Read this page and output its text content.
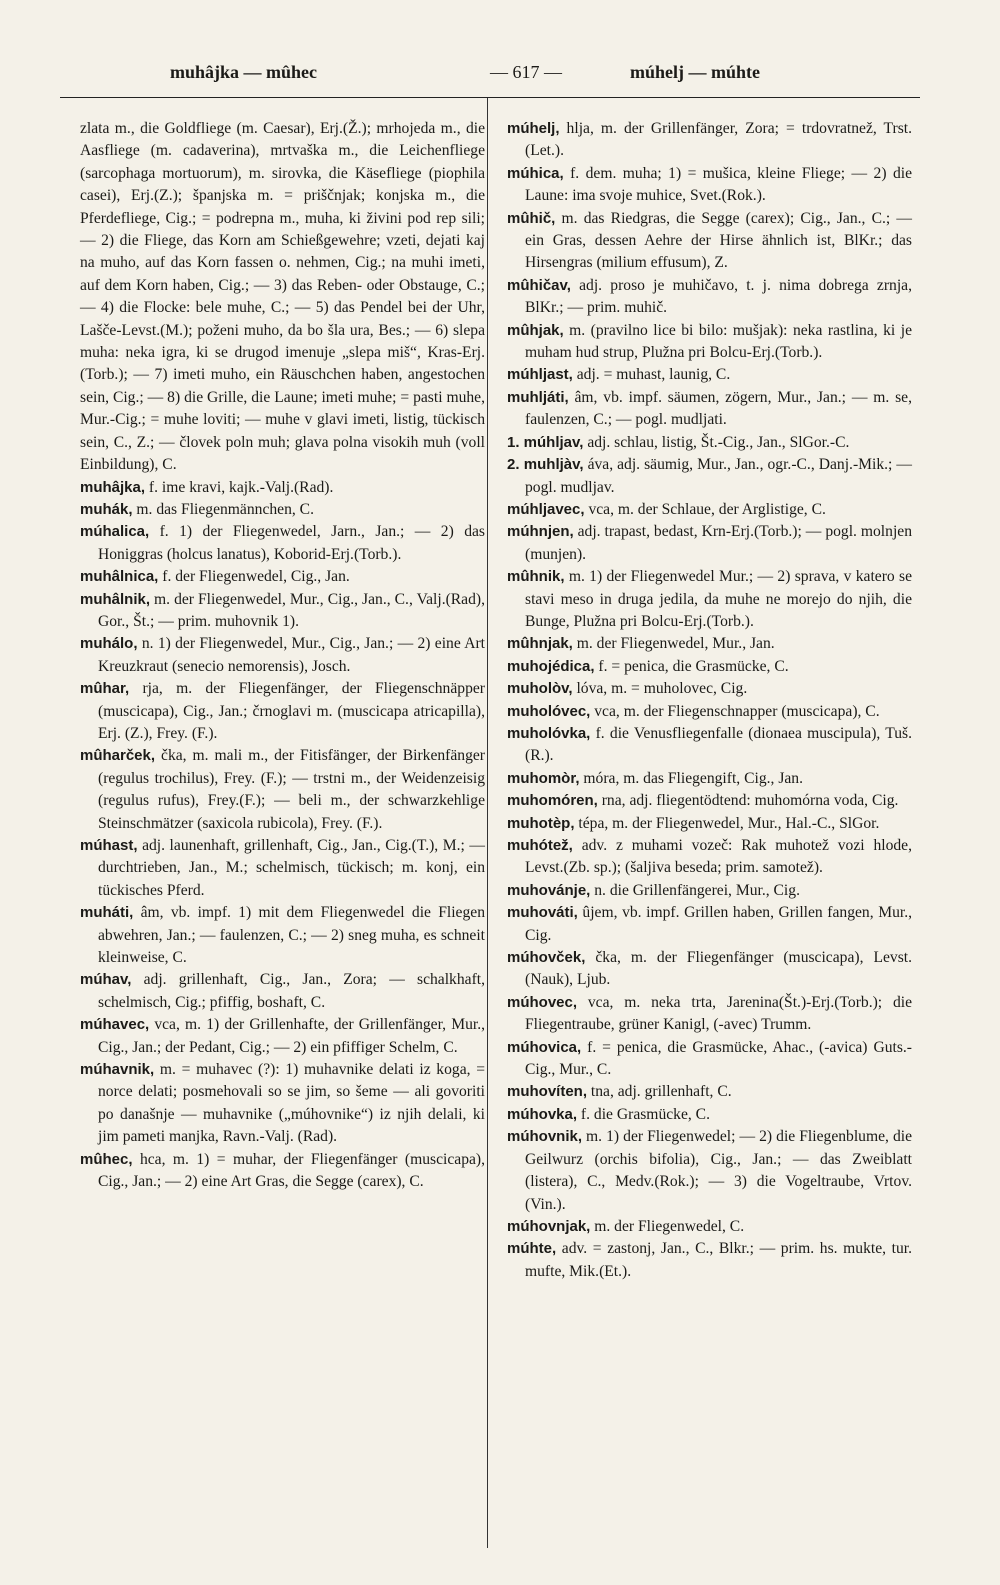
muhâjka — mûhec	— 617 —	múhelj — múhte

zlata m., die Goldfliege (m. Caesar), Erj.(Ž.); mrhojeda m., die Aasfliege (m. cadaverina), mrtvaška m., die Leichenfliege (sarcophaga mortuorum), m. sirovka, die Käsefliege (piophila casei), Erj.(Z.); španjska m. = priščnjak; konjska m., die Pferdefliege, Cig.; = podrepna m., muha, ki živini pod rep sili; — 2) die Fliege, das Korn am Schießgewehre; vzeti, dejati kaj na muho, auf das Korn fassen o. nehmen, Cig.; na muhi imeti, auf dem Korn haben, Cig.; — 3) das Reben- oder Obstauge, C.; — 4) die Flocke: bele muhe, C.; — 5) das Pendel bei der Uhr, Lašče-Levst.(M.); poženi muho, da bo šla ura, Bes.; — 6) slepa muha: neka igra, ki se drugod imenuje „slepa miš“, Kras-Erj.(Torb.); — 7) imeti muho, ein Räuschchen haben, angestochen sein, Cig.; — 8) die Grille, die Laune; imeti muhe; = pasti muhe, Mur.-Cig.; = muhe loviti; — muhe v glavi imeti, listig, tückisch sein, C., Z.; — človek poln muh; glava polna visokih muh (voll Einbildung), C.

muhâjka, f. ime kravi, kajk.-Valj.(Rad).

muhák, m. das Fliegenmännchen, C.

múhalica, f. 1) der Fliegenwedel, Jarn., Jan.; — 2) das Honiggras (holcus lanatus), Koborid-Erj.(Torb.).

muhâlnica, f. der Fliegenwedel, Cig., Jan.

muhâlnik, m. der Fliegenwedel, Mur., Cig., Jan., C., Valj.(Rad), Gor., Št.; — prim. muhovnik 1).

muhálo, n. 1) der Fliegenwedel, Mur., Cig., Jan.; — 2) eine Art Kreuzkraut (senecio nemorensis), Josch.

mûhar, rja, m. der Fliegenfänger, der Fliegenschnäpper (muscicapa), Cig., Jan.; črnoglavi m. (muscicapa atricapilla), Erj. (Z.), Frey. (F.).

mûharček, čka, m. mali m., der Fitisfänger, der Birkenfänger (regulus trochilus), Frey. (F.); — trstni m., der Weidenzeisig (regulus rufus), Frey.(F.); — beli m., der schwarzkehlige Steinschmätzer (saxicola rubicola), Frey. (F.).

múhast, adj. launenhaft, grillenhaft, Cig., Jan., Cig.(T.), M.; — durchtrieben, Jan., M.; schelmisch, tückisch; m. konj, ein tückisches Pferd.

muháti, âm, vb. impf. 1) mit dem Fliegenwedel die Fliegen abwehren, Jan.; — faulenzen, C.; — 2) sneg muha, es schneit kleinweise, C.

múhav, adj. grillenhaft, Cig., Jan., Zora; — schalkhaft, schelmisch, Cig.; pfiffig, boshaft, C.

múhavec, vca, m. 1) der Grillenhafte, der Grillenfänger, Mur., Cig., Jan.; der Pedant, Cig.; — 2) ein pfiffiger Schelm, C.

múhavnik, m. = muhavec (?): 1) muhavnike delati iz koga, = norce delati; posmehovali so se jim, so šeme — ali govoriti po današnje — muhavnike („múhovnike“) iz njih delali, ki jim pameti manjka, Ravn.-Valj. (Rad).

mûhec, hca, m. 1) = muhar, der Fliegenfänger (muscicapa), Cig., Jan.; — 2) eine Art Gras, die Segge (carex), C.

múhelj, hlja, m. der Grillenfänger, Zora; = trdovratnež, Trst.(Let.).

múhica, f. dem. muha; 1) = mušica, kleine Fliege; — 2) die Laune: ima svoje muhice, Svet.(Rok.).

mûhič, m. das Riedgras, die Segge (carex); Cig., Jan., C.; — ein Gras, dessen Aehre der Hirse ähnlich ist, BlKr.; das Hirsengras (milium effusum), Z.

mûhičav, adj. proso je muhičavo, t. j. nima dobrega zrnja, BlKr.; — prim. muhič.

mûhjak, m. (pravilno lice bi bilo: mušjak): neka rastlina, ki je muham hud strup, Plužna pri Bolcu-Erj.(Torb.).

múhljast, adj. = muhast, launig, C.

muhljáti, âm, vb. impf. säumen, zögern, Mur., Jan.; — m. se, faulenzen, C.; — pogl. mudljati.

1. múhljav, adj. schlau, listig, Št.-Cig., Jan., SlGor.-C.

2. muhljàv, áva, adj. säumig, Mur., Jan., ogr.-C., Danj.-Mik.; — pogl. mudljav.

múhljavec, vca, m. der Schlaue, der Arglistige, C.

múhnjen, adj. trapast, bedast, Krn-Erj.(Torb.); — pogl. molnjen (munjen).

mûhnik, m. 1) der Fliegenwedel Mur.; — 2) sprava, v katero se stavi meso in druga jedila, da muhe ne morejo do njih, die Bunge, Plužna pri Bolcu-Erj.(Torb.).

mûhnjak, m. der Fliegenwedel, Mur., Jan.

muhojédica, f. = penica, die Grasmücke, C.

muholòv, lóva, m. = muholovec, Cig.

muholóvec, vca, m. der Fliegenschnapper (muscicapa), C.

muholóvka, f. die Venusfliegenfalle (dionaea muscipula), Tuš.(R.).

muhomòr, móra, m. das Fliegengift, Cig., Jan.

muhomóren, rna, adj. fliegentödtend: muhomórna voda, Cig.

muhotèp, tépa, m. der Fliegenwedel, Mur., Hal.-C., SlGor.

muhótež, adv. z muhami vozeč: Rak muhotež vozi hlode, Levst.(Zb. sp.); (šaljiva beseda; prim. samotež).

muhovánje, n. die Grillenfängerei, Mur., Cig.

muhováti, ûjem, vb. impf. Grillen haben, Grillen fangen, Mur., Cig.

múhovček, čka, m. der Fliegenfänger (muscicapa), Levst.(Nauk), Ljub.

múhovec, vca, m. neka trta, Jarenina(Št.)-Erj.(Torb.); die Fliegentraube, grüner Kanigl, (-avec) Trumm.

múhovica, f. = penica, die Grasmücke, Ahac., (-avica) Guts.-Cig., Mur., C.

muhovíten, tna, adj. grillenhaft, C.

múhovka, f. die Grasmücke, C.

múhovnik, m. 1) der Fliegenwedel; — 2) die Fliegenblume, die Geilwurz (orchis bifolia), Cig., Jan.; — das Zweiblatt (listera), C., Medv.(Rok.); — 3) die Vogeltraube, Vrtov. (Vin.).

múhovnjak, m. der Fliegenwedel, C.

múhte, adv. = zastonj, Jan., C., Blkr.; — prim. hs. mukte, tur. mufte, Mik.(Et.).
